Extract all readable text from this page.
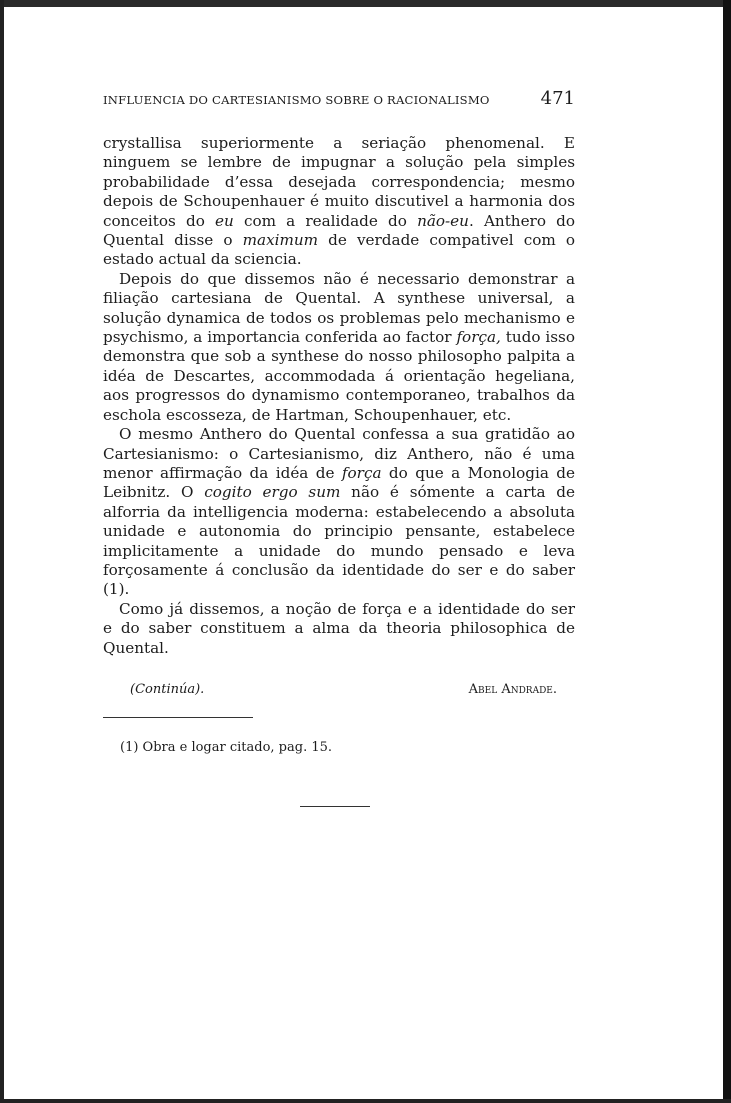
INFLUENCIA DO CARTESIANISMO SOBRE O RACIONALISMO	471

crystallisa superiormente a seriação phenomenal. E ninguem se lembre de impugnar a solução pela simples probabilidade d’essa desejada correspondencia; mesmo depois de Schoupenhauer é muito discutivel a harmonia dos conceitos do eu com a realidade do não-eu. Anthero do Quental disse o maximum de verdade compativel com o estado actual da sciencia.

Depois do que dissemos não é necessario demonstrar a filiação cartesiana de Quental. A synthese universal, a solução dynamica de todos os problemas pelo mechanismo e psychismo, a importancia conferida ao factor força, tudo isso demonstra que sob a synthese do nosso philosopho palpita a idéa de Descartes, accommodada á orientação hegeliana, aos progressos do dynamismo contemporaneo, trabalhos da eschola escosseza, de Hartman, Schoupenhauer, etc.

O mesmo Anthero do Quental confessa a sua gratidão ao Cartesianismo: o Cartesianismo, diz Anthero, não é uma menor affirmação da idéa de força do que a Monologia de Leibnitz. O cogito ergo sum não é sómente a carta de alforria da intelligencia moderna: estabelecendo a absoluta unidade e autonomia do principio pensante, estabelece implicitamente a unidade do mundo pensado e leva forçosamente á conclusão da identidade do ser e do saber (1).

Como já dissemos, a noção de força e a identidade do ser e do saber constituem a alma da theoria philosophica de Quental.

(Continúa).	Abel Andrade.
(1) Obra e logar citado, pag. 15.
